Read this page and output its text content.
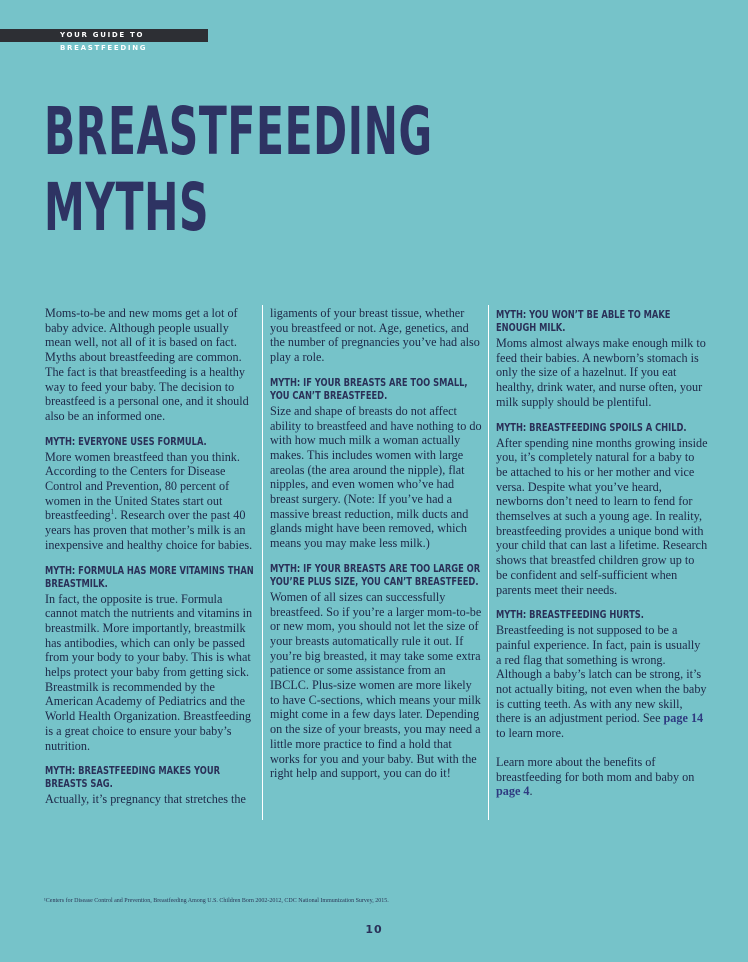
YOUR GUIDE TO BREASTFEEDING
BREASTFEEDING
MYTHS

Moms-to-be and new moms get a lot of baby advice. Although people usually mean well, not all of it is based on fact. Myths about breastfeeding are common. The fact is that breastfeeding is a healthy way to feed your baby. The decision to breastfeed is a personal one, and it should also be an informed one.

MYTH: EVERYONE USES FORMULA.

More women breastfeed than you think. According to the Centers for Disease Control and Prevention, 80 percent of women in the United States start out breastfeeding$^1$. Research over the past 40 years has proven that mother’s milk is an inexpensive and healthy choice for babies.

MYTH: FORMULA HAS MORE VITAMINS THAN BREASTMILK.

In fact, the opposite is true. Formula cannot match the nutrients and vitamins in breastmilk. More importantly, breastmilk has antibodies, which can only be passed from your body to your baby. This is what helps protect your baby from getting sick. Breastmilk is recommended by the American Academy of Pediatrics and the World Health Organization. Breastfeeding is a great choice to ensure your baby’s nutrition.

MYTH: BREASTFEEDING MAKES YOUR BREASTS SAG.

Actually, it’s pregnancy that stretches the

ligaments of your breast tissue, whether you breastfeed or not. Age, genetics, and the number of pregnancies you’ve had also play a role.

MYTH: IF YOUR BREASTS ARE TOO SMALL, YOU CAN’T BREASTFEED.

Size and shape of breasts do not affect ability to breastfeed and have nothing to do with how much milk a woman actually makes. This includes women with large areolas (the area around the nipple), flat nipples, and even women who’ve had breast surgery. (Note: If you’ve had a massive breast reduction, milk ducts and glands might have been removed, which means you may make less milk.)

MYTH: IF YOUR BREASTS ARE TOO LARGE OR YOU’RE PLUS SIZE, YOU CAN’T BREASTFEED.

Women of all sizes can successfully breastfeed. So if you’re a larger mom-to-be or new mom, you should not let the size of your breasts automatically rule it out. If you’re big breasted, it may take some extra patience or some assistance from an IBCLC. Plus-size women are more likely to have C-sections, which means your milk might come in a few days later. Depending on the size of your breasts, you may need a little more practice to find a hold that works for you and your baby. But with the right help and support, you can do it!

MYTH: YOU WON’T BE ABLE TO MAKE ENOUGH MILK.

Moms almost always make enough milk to feed their babies. A newborn’s stomach is only the size of a hazelnut. If you eat healthy, drink water, and nurse often, your milk supply should be plentiful.

MYTH: BREASTFEEDING SPOILS A CHILD.

After spending nine months growing inside you, it’s completely natural for a baby to be attached to his or her mother and vice versa. Despite what you’ve heard, newborns don’t need to learn to fend for themselves at such a young age. In reality, breastfeeding provides a unique bond with your child that can last a lifetime. Research shows that breastfed children grow up to be confident and self-sufficient when parents meet their needs.

MYTH: BREASTFEEDING HURTS.

Breastfeeding is not supposed to be a painful experience. In fact, pain is usually a red flag that something is wrong. Although a baby’s latch can be strong, it’s not actually biting, not even when the baby is cutting teeth. As with any new skill, there is an adjustment period. See page 14 to learn more.

Learn more about the benefits of breastfeeding for both mom and baby on page 4.

¹Centers for Disease Control and Prevention, Breastfeeding Among U.S. Children Born 2002-2012, CDC National Immunization Survey, 2015.
10
